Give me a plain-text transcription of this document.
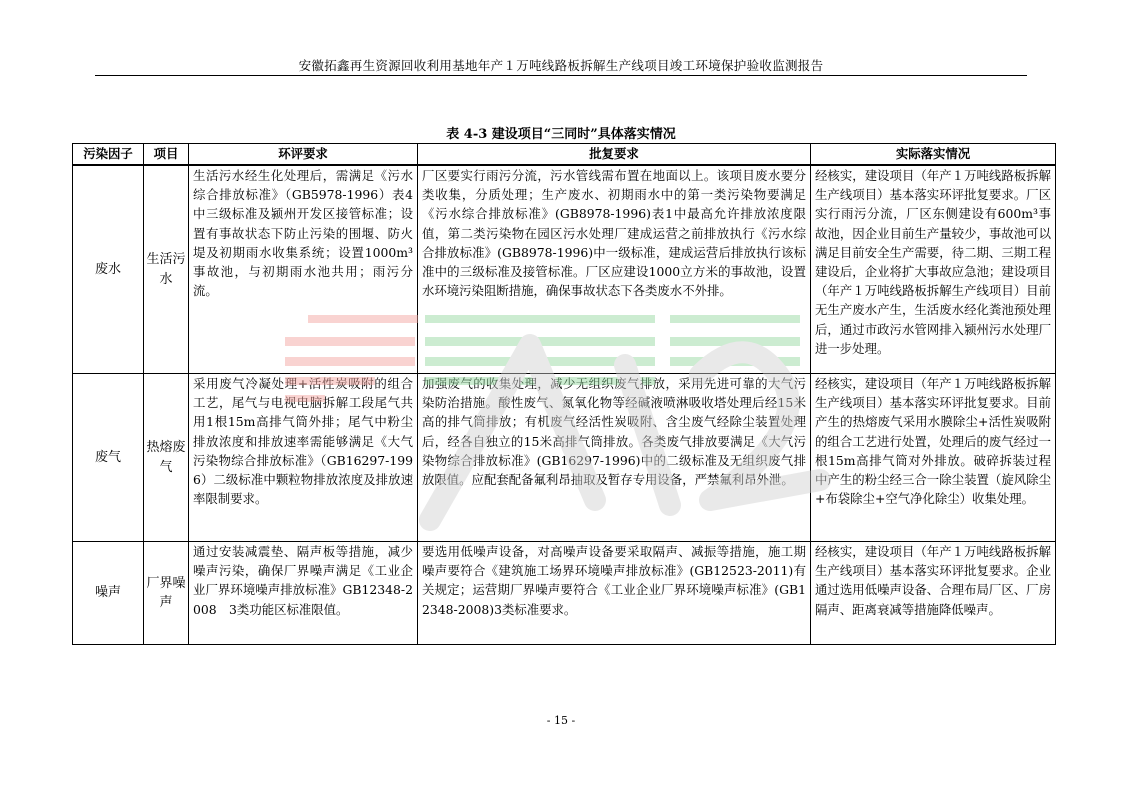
安徽拓鑫再生资源回收利用基地年产１万吨线路板拆解生产线项目竣工环境保护验收监测报告
表 4-3 建设项目“三同时”具体落实情况
污染因子	项目	环评要求	批复要求	实际落实情况
废水	生活污水	生活污水经生化处理后，需满足《污水综合排放标准》（GB5978-1996）表4中三级标准及颍州开发区接管标准；设置有事故状态下防止污染的围堰、防火堤及初期雨水收集系统；设置1000m³事故池，与初期雨水池共用；雨污分流。	厂区要实行雨污分流，污水管线需布置在地面以上。该项目废水要分类收集，分质处理；生产废水、初期雨水中的第一类污染物要满足《污水综合排放标准》(GB8978-1996)表1中最高允许排放浓度限值，第二类污染物在园区污水处理厂建成运营之前排放执行《污水综合排放标准》(GB8978-1996)中一级标准，建成运营后排放执行该标准中的三级标准及接管标准。厂区应建设1000立方米的事故池，设置水环境污染阻断措施，确保事故状态下各类废水不外排。	经核实，建设项目（年产１万吨线路板拆解生产线项目）基本落实环评批复要求。厂区实行雨污分流，厂区东侧建设有600m³事故池，因企业目前生产量较少，事故池可以满足目前安全生产需要，待二期、三期工程建设后，企业将扩大事故应急池；建设项目（年产１万吨线路板拆解生产线项目）目前无生产废水产生，生活废水经化粪池预处理后，通过市政污水管网排入颍州污水处理厂进一步处理。
废气	热熔废气	采用废气冷凝处理+活性炭吸附的组合工艺，尾气与电视电脑拆解工段尾气共用1根15m高排气筒外排；尾气中粉尘排放浓度和排放速率需能够满足《大气污染物综合排放标准》（GB16297-1996）二级标准中颗粒物排放浓度及排放速率限制要求。	加强废气的收集处理，减少无组织废气排放，采用先进可靠的大气污染防治措施。酸性废气、氮氧化物等经碱液喷淋吸收塔处理后经15米高的排气筒排放；有机废气经活性炭吸附、含尘废气经除尘装置处理后，经各自独立的15米高排气筒排放。各类废气排放要满足《大气污染物综合排放标准》(GB16297-1996)中的二级标准及无组织废气排放限值。应配套配备氟利昂抽取及暂存专用设备，严禁氟利昂外泄。	经核实，建设项目（年产１万吨线路板拆解生产线项目）基本落实环评批复要求。目前产生的热熔废气采用水膜除尘+活性炭吸附的组合工艺进行处置，处理后的废气经过一根15m高排气筒对外排放。破碎拆装过程中产生的粉尘经三合一除尘装置（旋风除尘+布袋除尘+空气净化除尘）收集处理。
噪声	厂界噪声	通过安装减震垫、隔声板等措施，减少噪声污染，确保厂界噪声满足《工业企业厂界环境噪声排放标准》GB12348-2008　3类功能区标准限值。	要选用低噪声设备，对高噪声设备要采取隔声、减振等措施，施工期噪声要符合《建筑施工场界环境噪声排放标准》(GB12523-2011)有关规定；运营期厂界噪声要符合《工业企业厂界环境噪声标准》(GB12348-2008)3类标准要求。	经核实，建设项目（年产１万吨线路板拆解生产线项目）基本落实环评批复要求。企业通过选用低噪声设备、合理布局厂区、厂房隔声、距离衰减等措施降低噪声。
- 15 -
